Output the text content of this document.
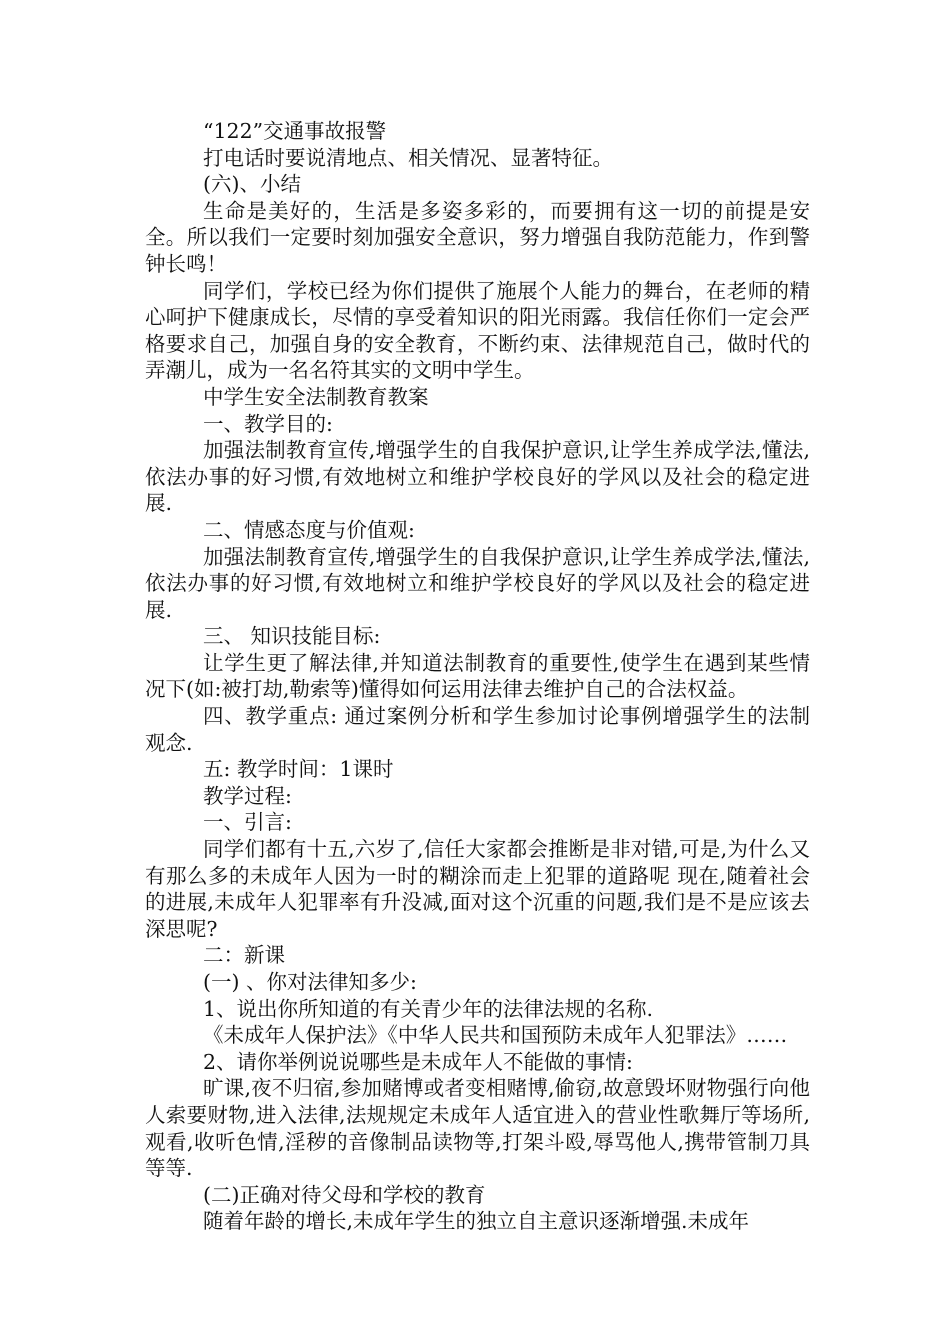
“122”交通事故报警

打电话时要说清地点、相关情况、显著特征。

(六)、小结

生命是美好的，生活是多姿多彩的，而要拥有这一切的前提是安全。所以我们一定要时刻加强安全意识，努力增强自我防范能力，作到警钟长鸣！

同学们，学校已经为你们提供了施展个人能力的舞台，在老师的精心呵护下健康成长，尽情的享受着知识的阳光雨露。我信任你们一定会严格要求自己，加强自身的安全教育，不断约束、法律规范自己，做时代的弄潮儿，成为一名名符其实的文明中学生。

中学生安全法制教育教案

一、教学目的:

加强法制教育宣传,增强学生的自我保护意识,让学生养成学法,懂法,依法办事的好习惯,有效地树立和维护学校良好的学风以及社会的稳定进展.

二、情感态度与价值观:

加强法制教育宣传,增强学生的自我保护意识,让学生养成学法,懂法,依法办事的好习惯,有效地树立和维护学校良好的学风以及社会的稳定进展.

三、 知识技能目标:

让学生更了解法律,并知道法制教育的重要性,使学生在遇到某些情况下(如:被打劫,勒索等)懂得如何运用法律去维护自己的合法权益。

四、教学重点: 通过案例分析和学生参加讨论事例增强学生的法制观念.

五: 教学时间：1课时

教学过程:

一、引言:

同学们都有十五,六岁了,信任大家都会推断是非对错,可是,为什么又有那么多的未成年人因为一时的糊涂而走上犯罪的道路呢 现在,随着社会的进展,未成年人犯罪率有升没减,面对这个沉重的问题,我们是不是应该去深思呢?

二：新课

(一) 、你对法律知多少:

1、说出你所知道的有关青少年的法律法规的名称.

《未成年人保护法》《中华人民共和国预防未成年人犯罪法》……

2、请你举例说说哪些是未成年人不能做的事情:

旷课,夜不归宿,参加赌博或者变相赌博,偷窃,故意毁坏财物强行向他人索要财物,进入法律,法规规定未成年人适宜进入的营业性歌舞厅等场所,观看,收听色情,淫秽的音像制品读物等,打架斗殴,辱骂他人,携带管制刀具等等.

(二)正确对待父母和学校的教育

随着年龄的增长,未成年学生的独立自主意识逐渐增强.未成年
